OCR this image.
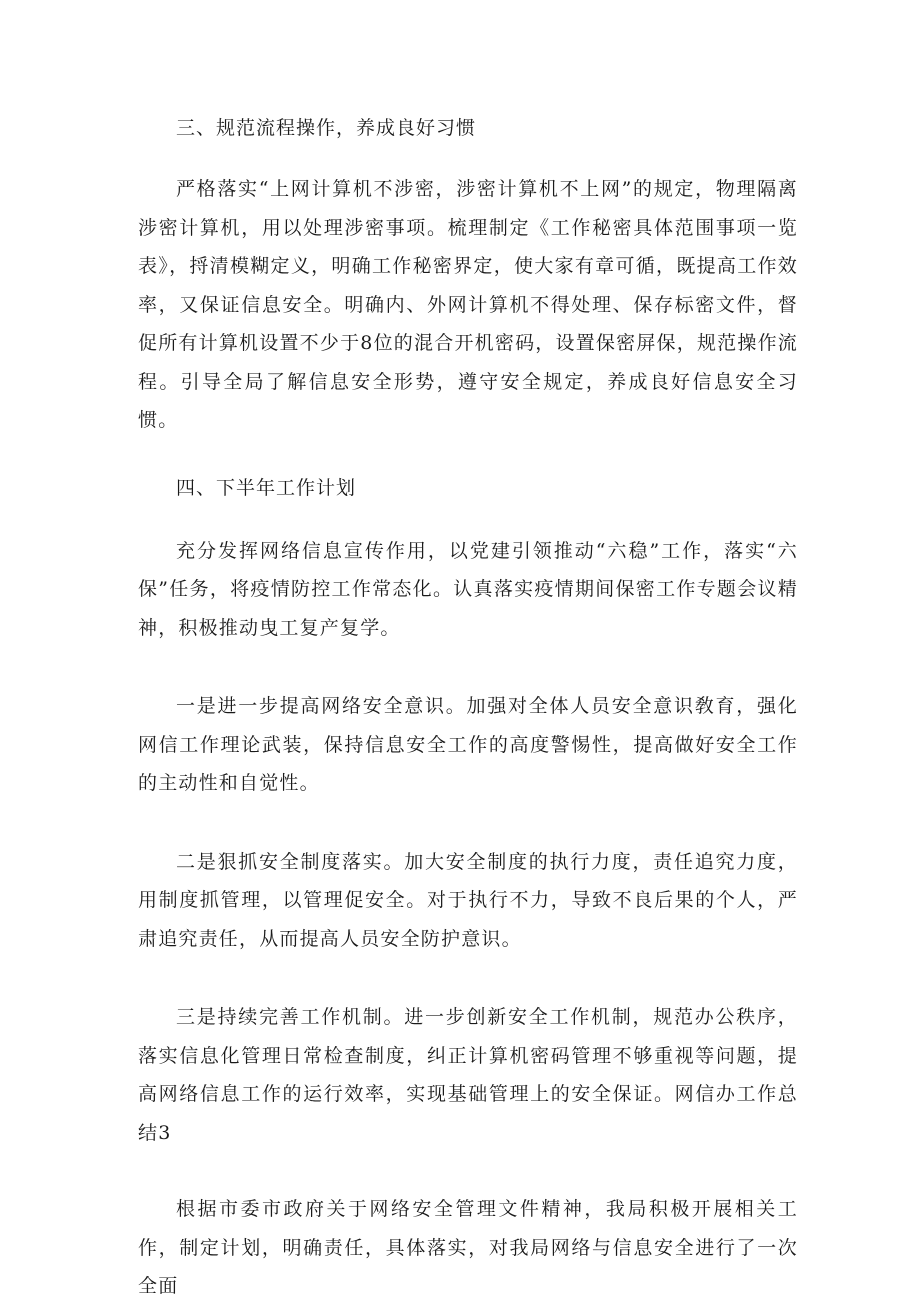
三、规范流程操作，养成良好习惯

严格落实“上网计算机不涉密，涉密计算机不上网”的规定，物理隔离涉密计算机，用以处理涉密事项。梳理制定《工作秘密具体范围事项一览表》，捋清模糊定义，明确工作秘密界定，使大家有章可循，既提高工作效率，又保证信息安全。明确内、外网计算机不得处理、保存标密文件，督促所有计算机设置不少于8位的混合开机密码，设置保密屏保，规范操作流程。引导全局了解信息安全形势，遵守安全规定，养成良好信息安全习惯。

四、下半年工作计划

充分发挥网络信息宣传作用，以党建引领推动“六稳”工作，落实“六保”任务，将疫情防控工作常态化。认真落实疫情期间保密工作专题会议精神，积极推动曳工复产复学。

一是进一步提高网络安全意识。加强对全体人员安全意识敎育，强化网信工作理论武装，保持信息安全工作的高度警惕性，提高做好安全工作的主动性和自觉性。

二是狠抓安全制度落实。加大安全制度的执行力度，责任追究力度，用制度抓管理，以管理促安全。对于执行不力，导致不良后果的个人，严肃追究责任，从而提高人员安全防护意识。

三是持续完善工作机制。进一步创新安全工作机制，规范办公秩序，落实信息化管理日常检查制度，纠正计算机密码管理不够重视等问题，提高网络信息工作的运行效率，实现基础管理上的安全保证。网信办工作总结3

根据市委市政府关于网络安全管理文件精神，我局积极开展相关工作，制定计划，明确责任，具体落实，对我局网络与信息安全进行了一次全面
